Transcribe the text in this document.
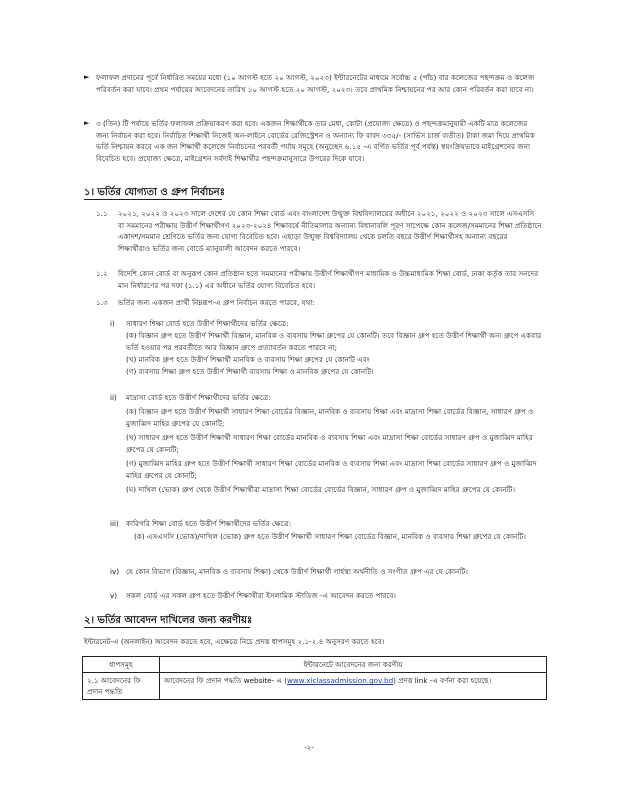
► ফলাফল প্রদানের পূর্বে নির্ধারিত সময়ের মধ্যে (১০ আগস্ট হতে ২০ আগস্ট, ২০২৩) ইন্টারনেটের মাধ্যমে সর্বোচ্চ ৫ (পাঁচ) বার কলেজের পছন্দক্রম ও কলেজ পরিবর্তন করা যাবে। প্রথম পর্যায়ের আবেদনের তারিখ ১০ আগস্ট হতে ২০ আগস্ট, ২০২৩। তবে প্রাথমিক নিশ্চায়নের পর আর কোন পরিবর্তন করা যাবে না।
► ৩ (তিন) টি পর্যায়ে ভর্তির ফলাফল প্রক্রিয়াকরণ করা হবে। একজন শিক্ষার্থীকে তার মেধা, কোটা (প্রযোজ্য ক্ষেত্রে) ও পছন্দক্রমানুযায়ী একটি মাত্র কলেজের জন্য নির্বাচন করা হবে। নির্বাচিত শিক্ষার্থী নিজেই অন-লাইনে বোর্ডের রেজিস্ট্রেশন ও অন্যান্য ফি বাবদ ৩৩৫/- (সার্ভিস চার্জ ব্যতীত) টাকা জমা দিয়ে প্রাথমিক ভর্তি নিশ্চায়ন করবে এক জন শিক্ষার্থী কলেজে নির্বাচনের পরবর্তী পর্যায় সমূহে (অনুচ্ছেদ ৬.১৫ -এ বর্ণিত ভর্তির পূর্ব পর্যন্ত) স্বয়ংক্রিয়ভাবে মাইগ্রেশনের জন্য বিবেচিত হবে। প্রযোজ্য ক্ষেত্রে, মাইগ্রেশন সর্বদাই শিক্ষার্থীর পছন্দক্রমানুসারে উপরের দিকে যাবে।
১। ভর্তির যোগ্যতা ও গ্রুপ নির্বাচনঃ
১.১ ২০২১, ২০২২ ও ২০২৩ সালে দেশের যে কোন শিক্ষা বোর্ড এবং বাংলাদেশ উন্মুক্ত বিশ্ববিদ্যালয়ের অধীনে ২০২১, ২০২২ ও ২০২৩ সালে এসএসসি বা সমমানের পরীক্ষায় উত্তীর্ণ শিক্ষার্থীগণ ২০২৩-২০২৪ শিক্ষাবর্ষে নীতিমালার অন্যান্য বিধানাবলি পূরণ সাপেক্ষে কোন কলেজ/সমমানের শিক্ষা প্রতিষ্ঠানে একাদশ/সমমান শ্রেণিতে ভর্তির জন্য যোগ্য বিবেচিত হবে। এছাড়া উন্মুক্ত বিশ্ববিদ্যালয় থেকে চলতি বছরে উত্তীর্ণ শিক্ষার্থীসহ অন্যান্য বছরের শিক্ষার্থীরাও ভর্তির জন্য বোর্ডে ম্যানুয়ালী আবেদন করতে পারবে।
১.২ বিদেশি কোন বোর্ড বা অনুরূপ কোন প্রতিষ্ঠান হতে সমমানের পরীক্ষায় উত্তীর্ণ শিক্ষার্থীগণ মাধ্যমিক ও উচ্চমাধ্যমিক শিক্ষা বোর্ড, ঢাকা কর্তৃক তার সনদের মান নির্ধারণের পর দফা (১.১) এর অধীনে ভর্তির যোগ্য বিবেচিত হবে।
১.৩ ভর্তির জন্য একজন প্রার্থী নিম্নরূপ-এ গ্রুপ নির্বাচন করতে পারবে, যথা:
i) সাধারণ শিক্ষা বোর্ড হতে উত্তীর্ণ শিক্ষার্থীদের ভর্তির ক্ষেত্রে:
(ক) বিজ্ঞান গ্রুপ হতে উত্তীর্ণ শিক্ষার্থী বিজ্ঞান, মানবিক ও ব্যবসায় শিক্ষা গ্রুপের যে কোনটি। তবে বিজ্ঞান গ্রুপ হতে উত্তীর্ণ শিক্ষার্থী অন্য গ্রুপে একবার ভর্তি হওয়ার পর পরবর্তীতে আর বিজ্ঞান গ্রুপে প্রত্যাবর্তন করতে পারবে না;
(খ) মানবিক গ্রুপ হতে উত্তীর্ণ শিক্ষার্থী মানবিক ও ব্যবসায় শিক্ষা গ্রুপের যে কোনটি এবং
(গ) ব্যবসায় শিক্ষা গ্রুপ হতে উত্তীর্ণ শিক্ষার্থী ব্যবসায় শিক্ষা ও মানবিক গ্রুপের যে কোনটি।
ii) মাদ্রাসা বোর্ড হতে উত্তীর্ণ শিক্ষার্থীদের ভর্তির ক্ষেত্রে:
(ক) বিজ্ঞান গ্রুপ হতে উত্তীর্ণ শিক্ষার্থী সাধারণ শিক্ষা বোর্ডের বিজ্ঞান, মানবিক ও ব্যবসায় শিক্ষা এবং মাদ্রাসা শিক্ষা বোর্ডের বিজ্ঞান, সাধারণ গ্রুপ ও মুজাব্বিদ মাহির গ্রুপের যে কোনটি;
(খ) সাধারণ গ্রুপ হতে উত্তীর্ণ শিক্ষার্থী সাধারণ শিক্ষা বোর্ডের মানবিক ও ব্যবসায় শিক্ষা এবং মাদ্রাসা শিক্ষা বোর্ডের সাধারণ গ্রুপ ও মুজাব্বিদ মাহির গ্রুপের যে কোনটি;
(গ) মুজাব্বিদ মাহির গ্রুপ হতে উত্তীর্ণ শিক্ষার্থী সাধারণ শিক্ষা বোর্ডের মানবিক ও ব্যবসায় শিক্ষা এবং মাদ্রাসা শিক্ষা বোর্ডের সাধারণ গ্রুপ ও মুজাব্বিদ মাহির গ্রুপের যে কোনটি;
(ঘ) দাখিল (ভোক) গ্রুপ থেকে উত্তীর্ণ শিক্ষার্থীরা মাদ্রাসা শিক্ষা বোর্ডের বোর্ডের বিজ্ঞান, সাধারণ গ্রুপ ও মুজাব্বিদ মাহির গ্রুপের যে কোনটি।
iii) কারিগরি শিক্ষা বোর্ড হতে উত্তীর্ণ শিক্ষার্থীদের ভর্তির ক্ষেত্রে:
(ক) এসএসসি (ভোক)/দাখিল (ভোক) গ্রুপ হতে উত্তীর্ণ শিক্ষার্থী সাধারণ শিক্ষা বোর্ডের বিজ্ঞান, মানবিক ও ব্যবসায় শিক্ষা গ্রুপের যে কোনটি।
iv) যে কোন বিভাগ (বিজ্ঞান, মানবিক ও ব্যবসায় শিক্ষা) থেকে উত্তীর্ণ শিক্ষার্থী গার্হস্থ্য অর্থনীতি ও সংগীত গ্রুপ এর যে কোনটি।
v) সকল বোর্ড এর সকল গ্রুপ হতে উত্তীর্ণ শিক্ষার্থীরা ইসলামিক স্টাডিজ -এ আবেদন করতে পারবে।
২। ভর্তির আবেদন দাখিলের জন্য করণীয়ঃ
ইন্টারনেট-এ (অনলাইন) আবেদন করতে হবে, এক্ষেত্রে নিচে প্রদত্ত ধাপসমূহ ২.১-২.৪ অনুসরণ করতে হবে।
ধাপসমূহ	ইন্টারনেটে আবেদনের জন্য করণীয়
২.১ আবেদনের ফি প্রদান পদ্ধতি	আবেদনের ফি প্রদান পদ্ধতি website- এ (www.xiclassadmission.gov.bd) প্রদত্ত link -এ বর্ণনা করা হয়েছে।
-২-
